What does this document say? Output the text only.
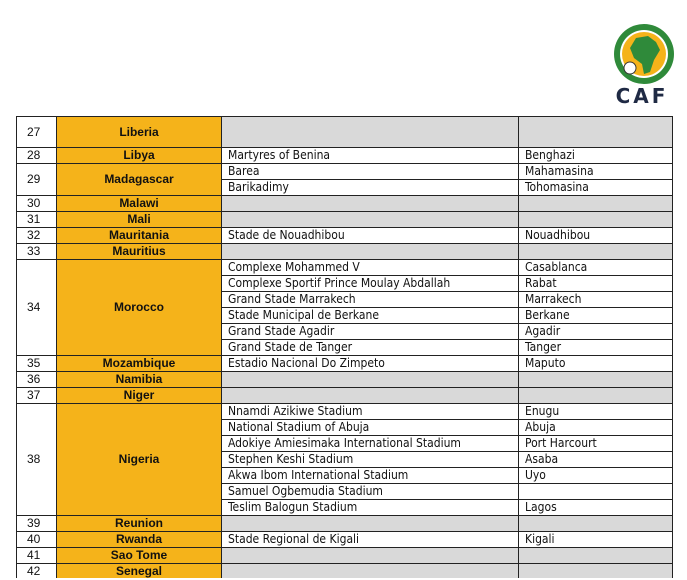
CAF
27	Liberia		
28	Libya	Martyres of Benina	Benghazi
29	Madagascar	Barea	Mahamasina
		Barikadimy	Tohomasina
30	Malawi		
31	Mali		
32	Mauritania	Stade de Nouadhibou	Nouadhibou
33	Mauritius		
34	Morocco	Complexe Mohammed V	Casablanca
		Complexe Sportif Prince Moulay Abdallah	Rabat
		Grand Stade Marrakech	Marrakech
		Stade Municipal de Berkane	Berkane
		Grand Stade Agadir	Agadir
		Grand Stade de Tanger	Tanger
35	Mozambique	Estadio Nacional Do Zimpeto	Maputo
36	Namibia		
37	Niger		
38	Nigeria	Nnamdi Azikiwe Stadium	Enugu
		National Stadium of Abuja	Abuja
		Adokiye Amiesimaka International Stadium	Port Harcourt
		Stephen Keshi Stadium	Asaba
		Akwa Ibom International Stadium	Uyo
		Samuel Ogbemudia Stadium	
		Teslim Balogun Stadium	Lagos
39	Reunion		
40	Rwanda	Stade Regional de Kigali	Kigali
41	Sao Tome		
42	Senegal		
